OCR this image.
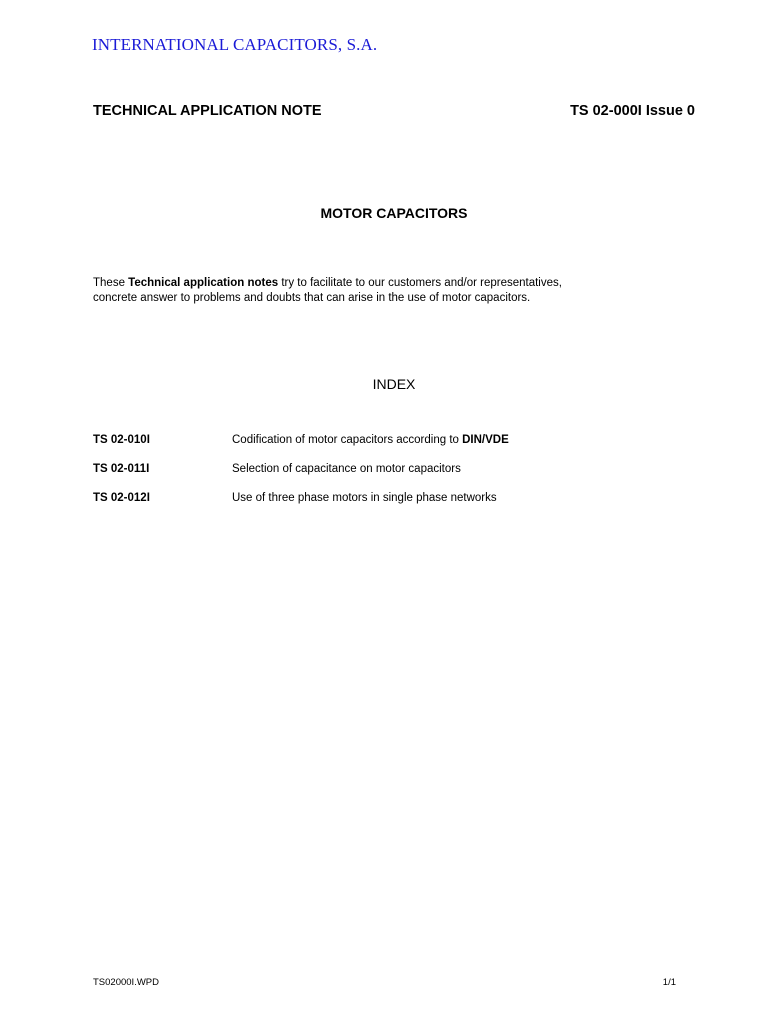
INTERNATIONAL CAPACITORS, S.A.
TECHNICAL APPLICATION NOTE	TS 02-000I Issue 0
MOTOR CAPACITORS
These Technical application notes try to facilitate to our customers and/or representatives,
concrete answer to problems and doubts that can arise in the use of motor capacitors.
INDEX
TS 02-010I	Codification of motor capacitors according to DIN/VDE
TS 02-011I	Selection of capacitance on motor capacitors
TS 02-012I	Use of three phase motors in single phase networks
TS02000I.WPD	1/1
